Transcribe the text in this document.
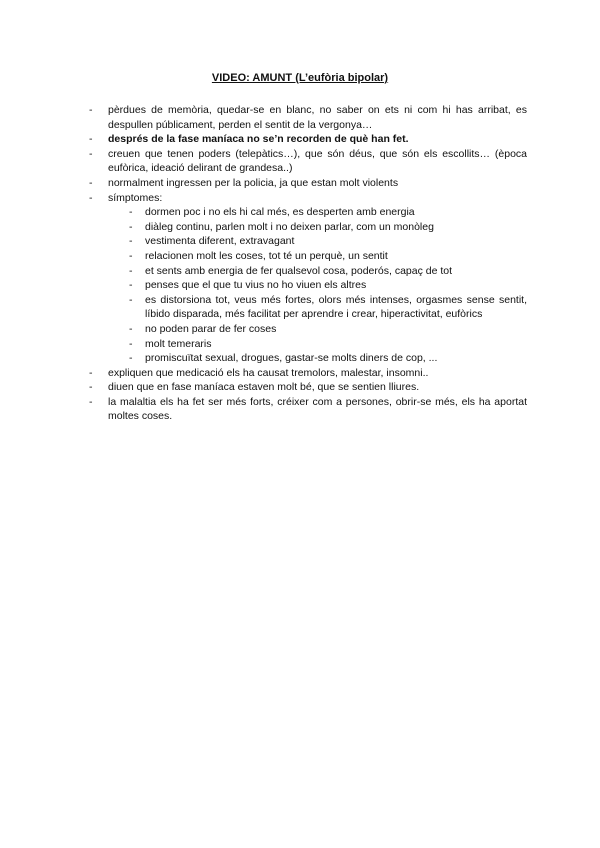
VIDEO: AMUNT (L’eufòria bipolar)
- pèrdues de memòria, quedar-se en blanc, no saber on ets ni com hi has arribat, es despullen públicament, perden el sentit de la vergonya…
- després de la fase maníaca no se’n recorden de què han fet.
- creuen que tenen poders (telepàtics…), que són déus, que són els escollits… (època eufòrica, ideació delirant de grandesa..)
- normalment ingressen per la policia, ja que estan molt violents
- símptomes:
- dormen poc i no els hi cal més, es desperten amb energia
- diàleg continu, parlen molt i no deixen parlar, com un monòleg
- vestimenta diferent, extravagant
- relacionen molt les coses, tot té un perquè, un sentit
- et sents amb energia de fer qualsevol cosa, poderós, capaç de tot
- penses que el que tu vius no ho viuen els altres
- es distorsiona tot, veus més fortes, olors més intenses, orgasmes sense sentit, líbido disparada, més facilitat per aprendre i crear, hiperactivitat, eufòrics
- no poden parar de fer coses
- molt temeraris
- promiscuïtat sexual, drogues, gastar-se molts diners de cop, ...
- expliquen que medicació els ha causat tremolors, malestar, insomni..
- diuen que en fase maníaca estaven molt bé, que se sentien lliures.
- la malaltia els ha fet ser més forts, créixer com a persones, obrir-se més, els ha aportat moltes coses.
